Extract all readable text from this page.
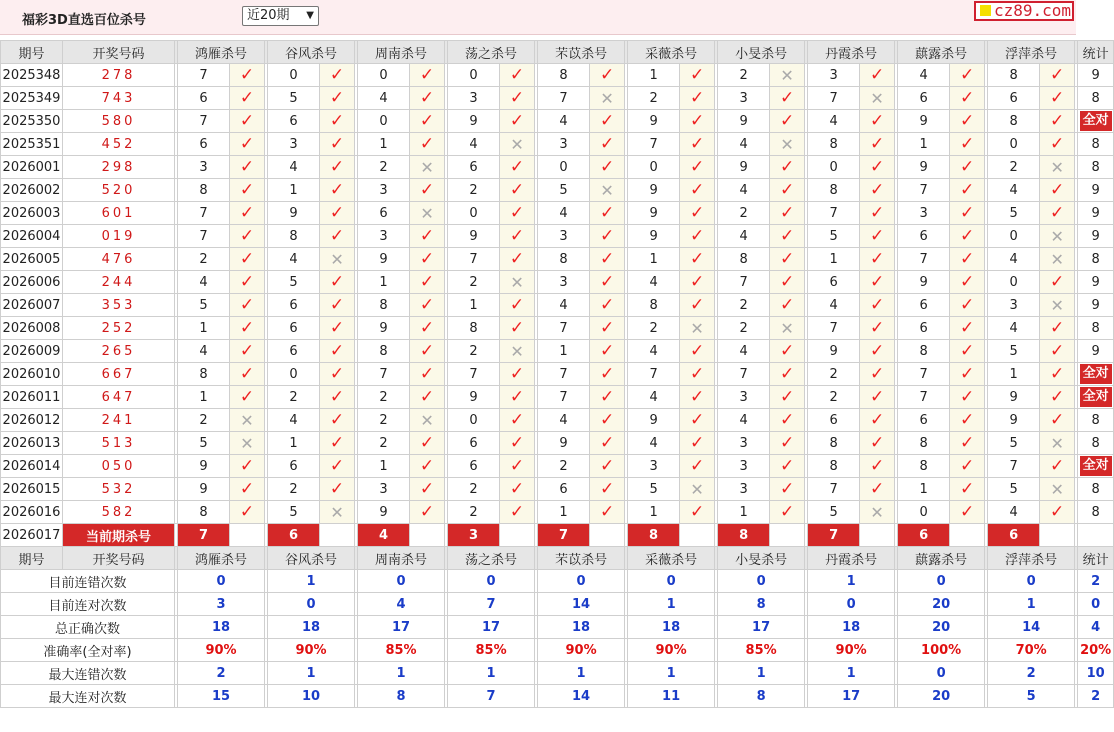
福彩3D直选百位杀号	近20期 ▼	cz89.com
期号	开奖号码		鸿雁杀号			谷风杀号			周南杀号			荡之杀号			芣苡杀号			采薇杀号			小旻杀号			丹霞杀号			蕻露杀号			浮萍杀号			统计
2025348	278		7	✓		0	✓		0	✓		0	✓		8	✓		1	✓		2	✕		3	✓		4	✓		8	✓		9
2025349	743		6	✓		5	✓		4	✓		3	✓		7	✕		2	✓		3	✓		7	✕		6	✓		6	✓		8
2025350	580		7	✓		6	✓		0	✓		9	✓		4	✓		9	✓		9	✓		4	✓		9	✓		8	✓		全对
2025351	452		6	✓		3	✓		1	✓		4	✕		3	✓		7	✓		4	✕		8	✓		1	✓		0	✓		8
2026001	298		3	✓		4	✓		2	✕		6	✓		0	✓		0	✓		9	✓		0	✓		9	✓		2	✕		8
2026002	520		8	✓		1	✓		3	✓		2	✓		5	✕		9	✓		4	✓		8	✓		7	✓		4	✓		9
2026003	601		7	✓		9	✓		6	✕		0	✓		4	✓		9	✓		2	✓		7	✓		3	✓		5	✓		9
2026004	019		7	✓		8	✓		3	✓		9	✓		3	✓		9	✓		4	✓		5	✓		6	✓		0	✕		9
2026005	476		2	✓		4	✕		9	✓		7	✓		8	✓		1	✓		8	✓		1	✓		7	✓		4	✕		8
2026006	244		4	✓		5	✓		1	✓		2	✕		3	✓		4	✓		7	✓		6	✓		9	✓		0	✓		9
2026007	353		5	✓		6	✓		8	✓		1	✓		4	✓		8	✓		2	✓		4	✓		6	✓		3	✕		9
2026008	252		1	✓		6	✓		9	✓		8	✓		7	✓		2	✕		2	✕		7	✓		6	✓		4	✓		8
2026009	265		4	✓		6	✓		8	✓		2	✕		1	✓		4	✓		4	✓		9	✓		8	✓		5	✓		9
2026010	667		8	✓		0	✓		7	✓		7	✓		7	✓		7	✓		7	✓		2	✓		7	✓		1	✓		全对
2026011	647		1	✓		2	✓		2	✓		9	✓		7	✓		4	✓		3	✓		2	✓		7	✓		9	✓		全对
2026012	241		2	✕		4	✓		2	✕		0	✓		4	✓		9	✓		4	✓		6	✓		6	✓		9	✓		8
2026013	513		5	✕		1	✓		2	✓		6	✓		9	✓		4	✓		3	✓		8	✓		8	✓		5	✕		8
2026014	050		9	✓		6	✓		1	✓		6	✓		2	✓		3	✓		3	✓		8	✓		8	✓		7	✓		全对
2026015	532		9	✓		2	✓		3	✓		2	✓		6	✓		5	✕		3	✓		7	✓		1	✓		5	✕		8
2026016	582		8	✓		5	✕		9	✓		2	✓		1	✓		1	✓		1	✓		5	✕		0	✓		4	✓		8
2026017	当前期杀号		7			6			4			3			7			8			8			7			6			6			
期号	开奖号码		鸿雁杀号			谷风杀号			周南杀号			荡之杀号			芣苡杀号			采薇杀号			小旻杀号			丹霞杀号			蕻露杀号			浮萍杀号			统计
目前连错次数			0			1			0			0			0			0			0			1			0			0			2
目前连对次数			3			0			4			7			14			1			8			0			20			1			0
总正确次数			18			18			17			17			18			18			17			18			20			14			4
准确率(全对率)			90%			90%			85%			85%			90%			90%			85%			90%			100%			70%			20%
最大连错次数			2			1			1			1			1			1			1			1			0			2			10
最大连对次数			15			10			8			7			14			11			8			17			20			5			2
